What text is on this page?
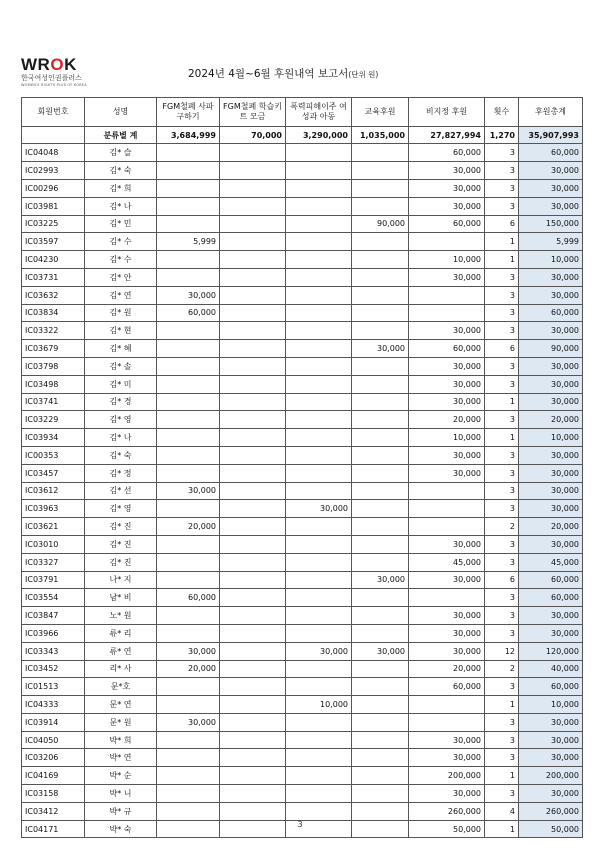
WROK
한국여성인권플러스
WOMEN'S RIGHTS PLUS OF KOREA
2024년 4월~6월 후원내역 보고서(단위 원)
회원번호	성명	FGM철폐 사파구하기	FGM철폐 학습키트 모금	폭력피해이주 여성과 아동	교육후원	비지정 후원	횟수	후원총계
	분류별 계	3,684,999	70,000	3,290,000	1,035,000	27,827,994	1,270	35,907,993
IC04048	김* 슬					60,000	3	60,000
IC02993	김* 숙					30,000	3	30,000
IC00296	김* 희					30,000	3	30,000
IC03981	김* 나					30,000	3	30,000
IC03225	김* 민				90,000	60,000	6	150,000
IC03597	김* 수	5,999					1	5,999
IC04230	김* 수					10,000	1	10,000
IC03731	김* 안					30,000	3	30,000
IC03632	김* 연	30,000					3	30,000
IC03834	김* 원	60,000					3	60,000
IC03322	김* 현					30,000	3	30,000
IC03679	김* 혜				30,000	60,000	6	90,000
IC03798	김* 솔					30,000	3	30,000
IC03498	김* 미					30,000	3	30,000
IC03741	김* 경					30,000	1	30,000
IC03229	김* 영					20,000	3	20,000
IC03934	김* 나					10,000	1	10,000
IC00353	김* 숙					30,000	3	30,000
IC03457	김* 정					30,000	3	30,000
IC03612	김* 선	30,000					3	30,000
IC03963	김* 영			30,000			3	30,000
IC03621	김* 진	20,000					2	20,000
IC03010	김* 진					30,000	3	30,000
IC03327	김* 진					45,000	3	45,000
IC03791	나* 지				30,000	30,000	6	60,000
IC03554	남* 비	60,000					3	60,000
IC03847	노* 원					30,000	3	30,000
IC03966	류* 리					30,000	3	30,000
IC03343	류* 연	30,000		30,000	30,000	30,000	12	120,000
IC03452	리* 사	20,000				20,000	2	40,000
IC01513	문*호					60,000	3	60,000
IC04333	문* 연			10,000			1	10,000
IC03914	문* 원	30,000					3	30,000
IC04050	박* 희					30,000	3	30,000
IC03206	박* 연					30,000	3	30,000
IC04169	박* 순					200,000	1	200,000
IC03158	박* 니					30,000	3	30,000
IC03412	박* 규					260,000	4	260,000
IC04171	박* 숙					50,000	1	50,000
3
